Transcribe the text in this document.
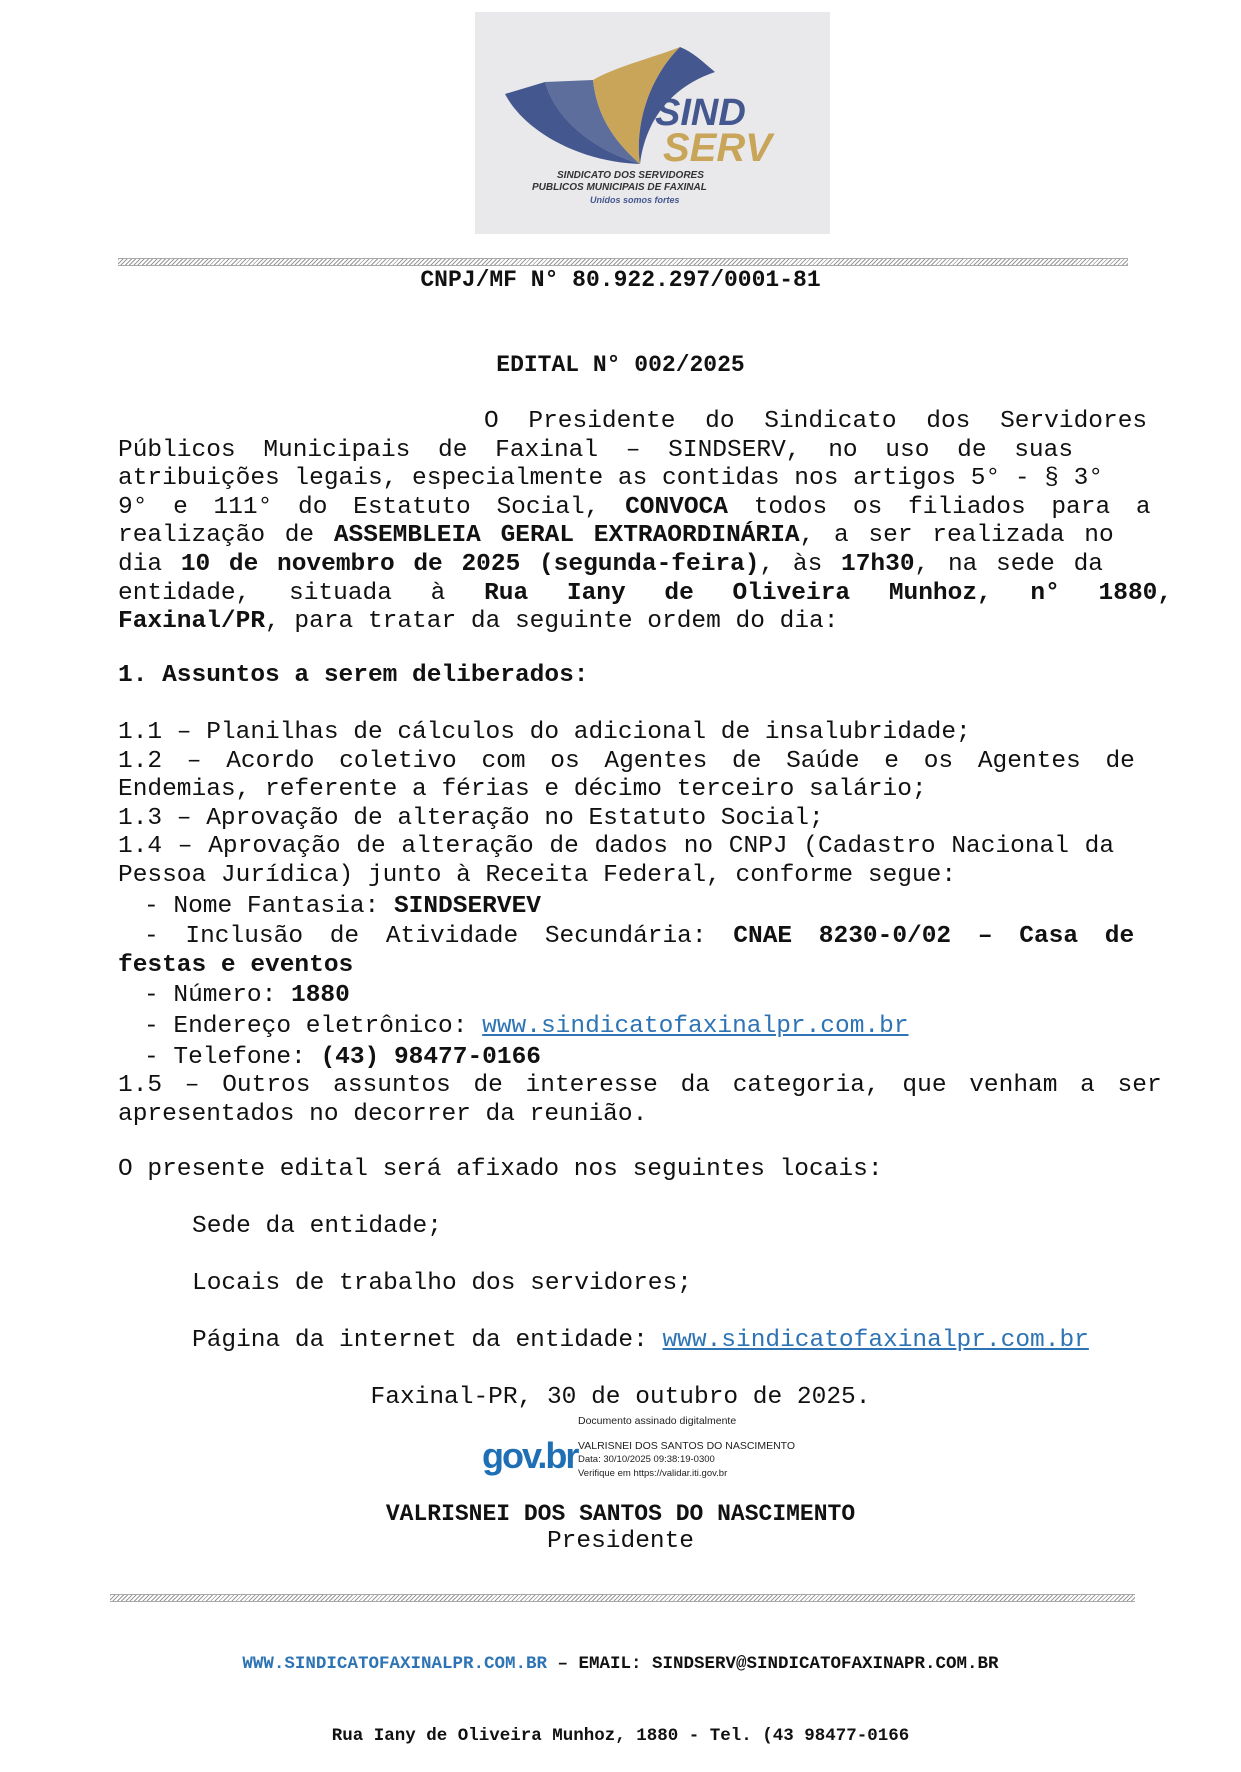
SIND
SERV
SINDICATO DOS SERVIDORES
PUBLICOS MUNICIPAIS DE FAXINAL
Unidos somos fortes
CNPJ/MF N° 80.922.297/0001-81
EDITAL N° 002/2025
O Presidente do Sindicato dos Servidores
Públicos Municipais de Faxinal – SINDSERV, no uso de suas
atribuições legais, especialmente as contidas nos artigos 5° - § 3°
9° e 111° do Estatuto Social, CONVOCA todos os filiados para a
realização de ASSEMBLEIA GERAL EXTRAORDINÁRIA, a ser realizada no
dia 10 de novembro de 2025 (segunda-feira), às 17h30, na sede da
entidade, situada à Rua Iany de Oliveira Munhoz, n° 1880,
Faxinal/PR, para tratar da seguinte ordem do dia:
1. Assuntos a serem deliberados:
1.1 – Planilhas de cálculos do adicional de insalubridade;
1.2 – Acordo coletivo com os Agentes de Saúde e os Agentes de
Endemias, referente a férias e décimo terceiro salário;
1.3 – Aprovação de alteração no Estatuto Social;
1.4 – Aprovação de alteração de dados no CNPJ (Cadastro Nacional da
Pessoa Jurídica) junto à Receita Federal, conforme segue:
- Nome Fantasia: SINDSERVEV
- Inclusão de Atividade Secundária: CNAE 8230-0/02 – Casa de
festas e eventos
- Número: 1880
- Endereço eletrônico: www.sindicatofaxinalpr.com.br
- Telefone: (43) 98477-0166
1.5 – Outros assuntos de interesse da categoria, que venham a ser
apresentados no decorrer da reunião.
O presente edital será afixado nos seguintes locais:
Sede da entidade;
Locais de trabalho dos servidores;
Página da internet da entidade: www.sindicatofaxinalpr.com.br
Faxinal-PR, 30 de outubro de 2025.
gov.br
Documento assinado digitalmente
VALRISNEI DOS SANTOS DO NASCIMENTO
Data: 30/10/2025 09:38:19-0300
Verifique em https://validar.iti.gov.br
VALRISNEI DOS SANTOS DO NASCIMENTO
Presidente

WWW.SINDICATOFAXINALPR.COM.BR – EMAIL: SINDSERV@SINDICATOFAXINAPR.COM.BR

Rua Iany de Oliveira Munhoz, 1880 - Tel. (43 98477-0166
